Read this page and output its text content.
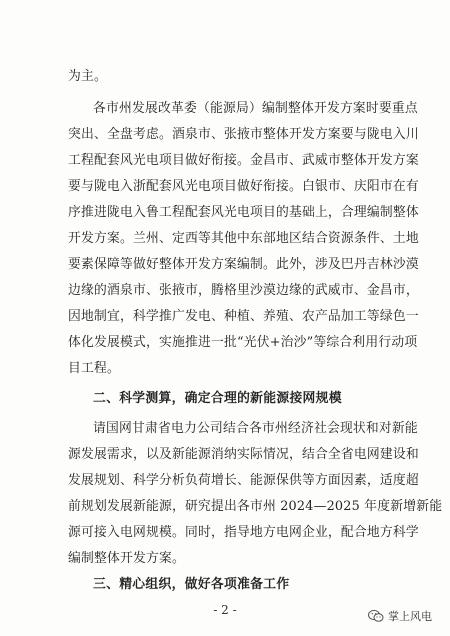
为主。
各市州发展改革委（能源局）编制整体开发方案时要重点
突出、全盘考虑。酒泉市、张掖市整体开发方案要与陇电入川
工程配套风光电项目做好衔接。金昌市、武威市整体开发方案
要与陇电入浙配套风光电项目做好衔接。白银市、庆阳市在有
序推进陇电入鲁工程配套风光电项目的基础上，合理编制整体
开发方案。兰州、定西等其他中东部地区结合资源条件、土地
要素保障等做好整体开发方案编制。此外，涉及巴丹吉林沙漠
边缘的酒泉市、张掖市，腾格里沙漠边缘的武威市、金昌市，
因地制宜，科学推广发电、种植、养殖、农产品加工等绿色一
体化发展模式，实施推进一批“光伏+治沙”等综合利用行动项
目工程。
二、科学测算，确定合理的新能源接网规模
请国网甘肃省电力公司结合各市州经济社会现状和对新能
源发展需求，以及新能源消纳实际情况，结合全省电网建设和
发展规划、科学分析负荷增长、能源保供等方面因素，适度超
前规划发展新能源，研究提出各市州 2024—2025 年度新增新能
源可接入电网规模。同时，指导地方电网企业，配合地方科学
编制整体开发方案。
三、精心组织，做好各项准备工作
- 2 -	掌上风电
